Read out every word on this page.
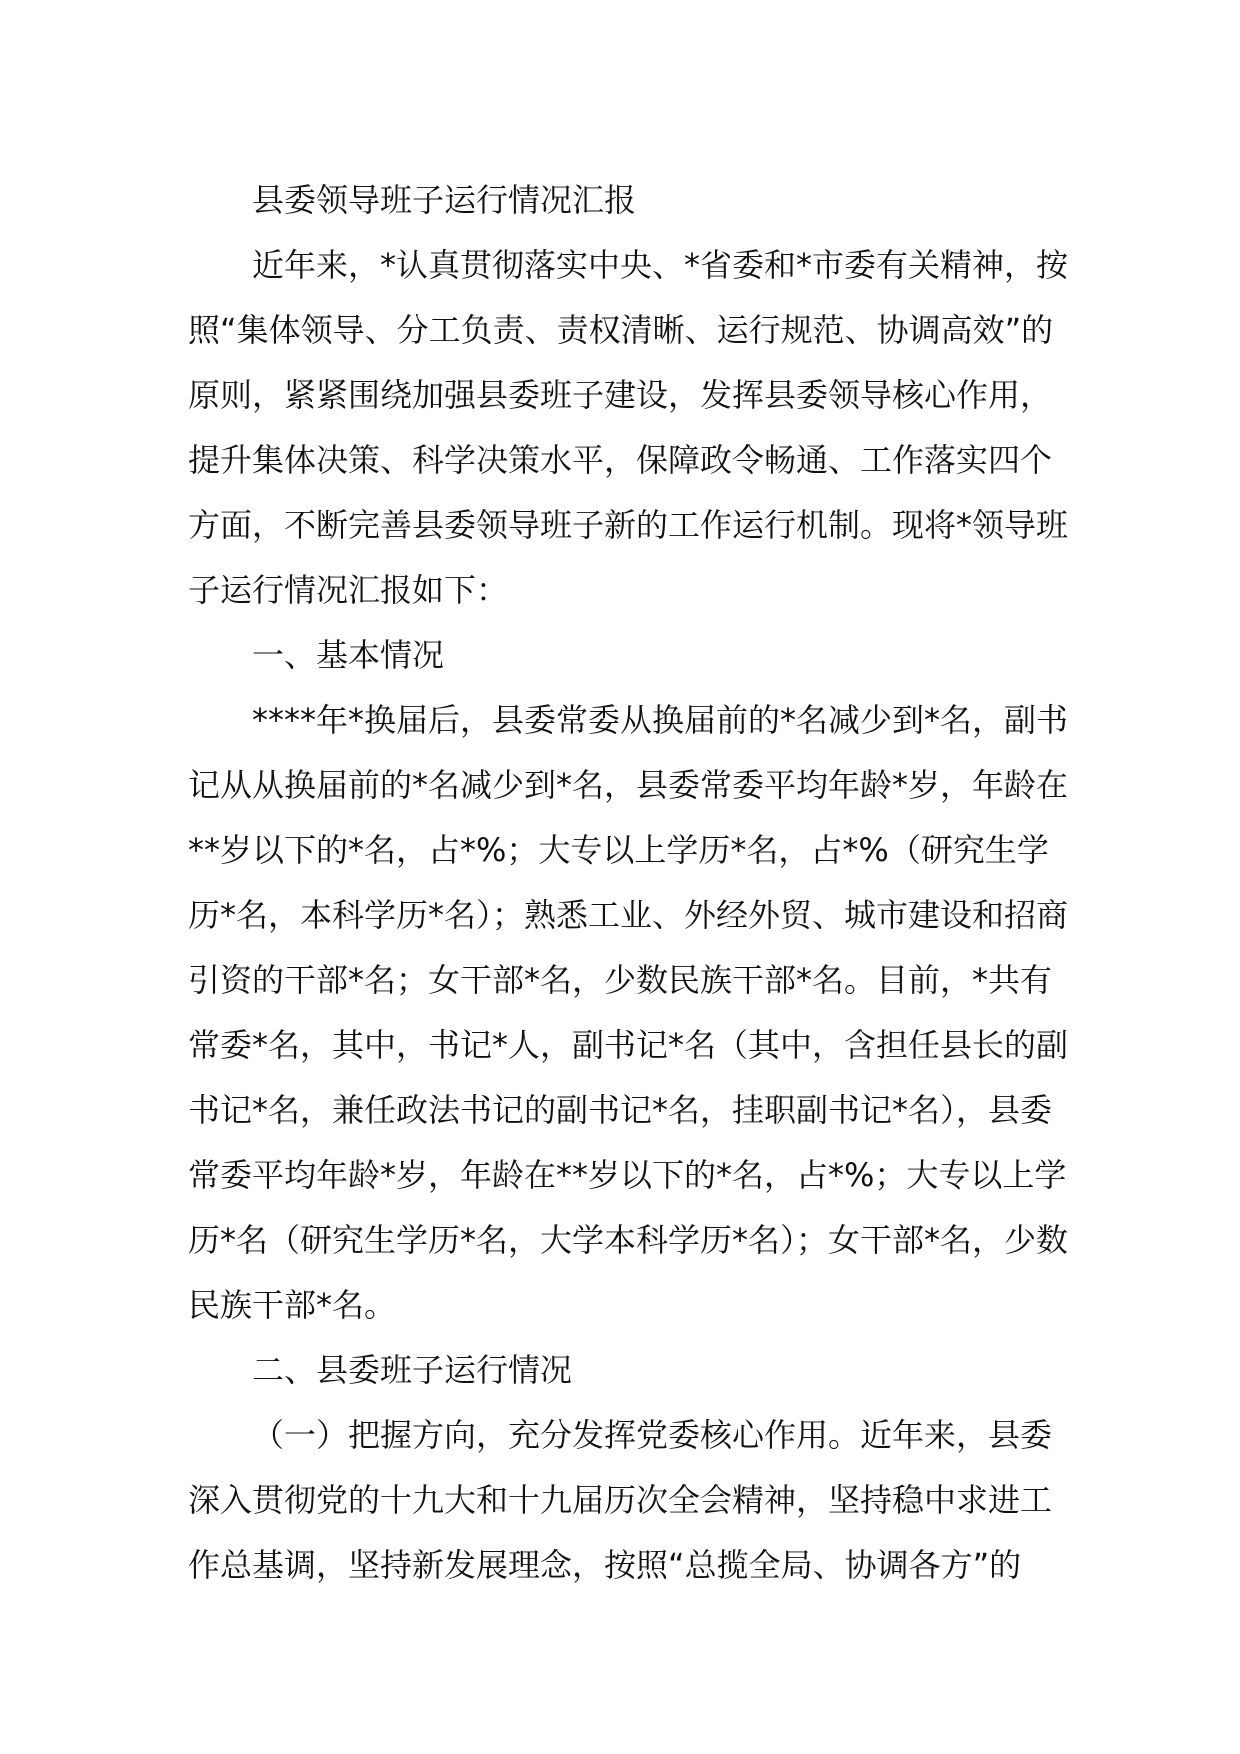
县委领导班子运行情况汇报

近年来，*认真贯彻落实中央、*省委和*市委有关精神，按照“集体领导、分工负责、责权清晰、运行规范、协调高效”的原则，紧紧围绕加强县委班子建设，发挥县委领导核心作用，提升集体决策、科学决策水平，保障政令畅通、工作落实四个方面，不断完善县委领导班子新的工作运行机制。现将*领导班子运行情况汇报如下：

一、基本情况

****年*换届后，县委常委从换届前的*名减少到*名，副书记从从换届前的*名减少到*名，县委常委平均年龄*岁，年龄在**岁以下的*名，占*%；大专以上学历*名，占*%（研究生学历*名，本科学历*名）；熟悉工业、外经外贸、城市建设和招商引资的干部*名；女干部*名，少数民族干部*名。目前，*共有常委*名，其中，书记*人，副书记*名（其中，含担任县长的副书记*名，兼任政法书记的副书记*名，挂职副书记*名），县委常委平均年龄*岁，年龄在**岁以下的*名，占*%；大专以上学历*名（研究生学历*名，大学本科学历*名）；女干部*名，少数民族干部*名。

二、县委班子运行情况

（一）把握方向，充分发挥党委核心作用。近年来，县委深入贯彻党的十九大和十九届历次全会精神，坚持稳中求进工作总基调，坚持新发展理念，按照“总揽全局、协调各方”的
